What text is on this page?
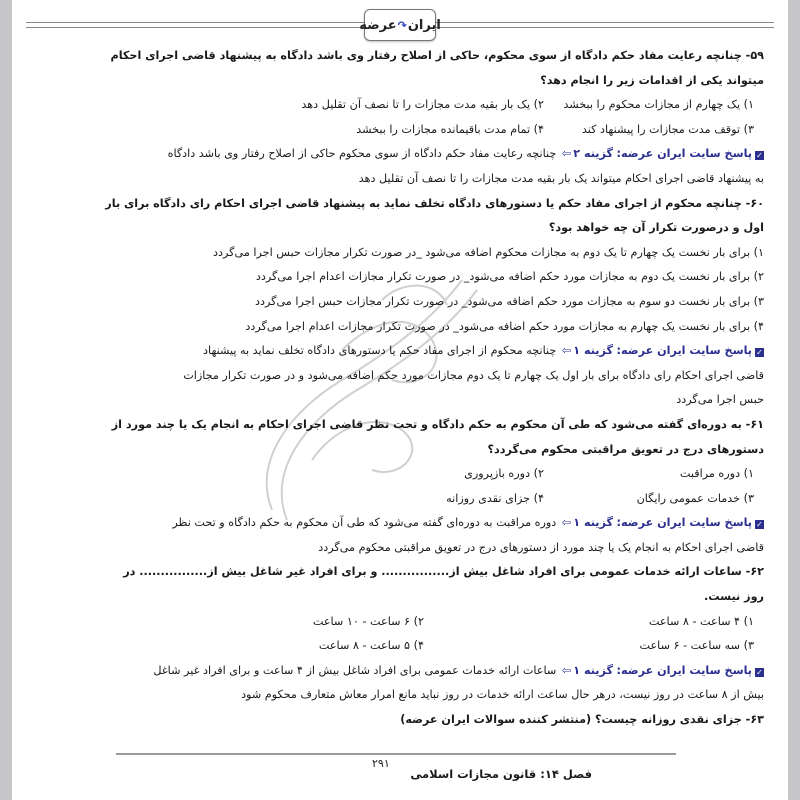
ایران
↷
عرضه
۵۹- چنانچه رعایت مفاد حکم دادگاه از سوی محکوم، حاکی از اصلاح رفتار وی باشد دادگاه به پیشنهاد قاضی اجرای احکام
میتواند یکی از اقدامات زیر را انجام دهد؟
۱) یک چهارم از مجازات محکوم را ببخشد
۲) یک بار بقیه مدت مجازات را تا نصف آن تقلیل دهد
۳) توقف مدت مجازات را پیشنهاد کند
۴) تمام مدت باقیمانده مجازات را ببخشد
✓پاسخ سایت ایران عرضه: گزینه ۲⇦ چنانچه رعایت مفاد حکم دادگاه از سوی محکوم حاکی از اصلاح رفتار وی باشد دادگاه
به پیشنهاد قاضی اجرای احکام میتواند یک بار بقیه مدت مجازات را تا نصف آن تقلیل دهد
۶۰- چنانچه محکوم از اجرای مفاد حکم یا دستورهای دادگاه تخلف نماید به پیشنهاد قاضی اجرای احکام رای دادگاه برای بار
اول و درصورت تکرار آن چه خواهد بود؟
۱) برای بار نخست یک چهارم تا یک دوم به مجازات محکوم اضافه می‌شود _در صورت تکرار مجازات حبس اجرا می‌گردد
۲) برای بار نخست یک دوم به مجازات مورد حکم اضافه می‌شود_ در صورت تکرار مجازات اعدام اجرا می‌گردد
۳) برای بار نخست دو سوم به مجازات مورد حکم اضافه می‌شود_ در صورت تکرار مجازات حبس اجرا می‌گردد
۴) برای بار نخست یک چهارم به مجازات مورد حکم اضافه می‌شود_ در صورت تکرار مجازات اعدام اجرا می‌گردد
✓پاسخ سایت ایران عرضه: گزینه ۱⇦ چنانچه محکوم از اجرای مفاد حکم یا دستورهای دادگاه تخلف نماید به پیشنهاد
قاضی اجرای احکام رای دادگاه برای بار اول یک چهارم تا یک دوم مجازات مورد حکم اضافه می‌شود و در صورت تکرار مجازات
حبس اجرا می‌گردد
۶۱- به دوره‌ای گفته می‌شود که طی آن محکوم به حکم دادگاه و تحت نظر قاضی اجرای احکام به انجام یک یا چند مورد از
دستورهای درج در تعویق مراقبتی محکوم می‌گردد؟
۱) دوره مراقبت
۲) دوره بازپروری
۳) خدمات عمومی رایگان
۴) جزای نقدی روزانه
✓پاسخ سایت ایران عرضه: گزینه ۱⇦ دوره مراقبت به دوره‌ای گفته می‌شود که طی آن محکوم به حکم دادگاه و تحت نظر
قاضی اجرای احکام به انجام یک یا چند مورد از دستورهای درج در تعویق مراقبتی محکوم می‌گردد
۶۲- ساعات ارائه خدمات عمومی برای افراد شاغل بیش از................ و برای افراد غیر شاغل بیش از................ در
روز نیست.
۱) ۴ ساعت - ۸ ساعت
۲) ۶ ساعت - ۱۰ ساعت
۳) سه ساعت - ۶ ساعت
۴) ۵ ساعت - ۸ ساعت
✓پاسخ سایت ایران عرضه: گزینه ۱⇦ ساعات ارائه خدمات عمومی برای افراد شاغل بیش از ۴ ساعت و برای افراد غیر شاغل
بیش از ۸ ساعت در روز نیست، درهر حال ساعت ارائه خدمات در روز نباید مانع امرار معاش متعارف محکوم شود
۶۳- جزای نقدی روزانه چیست؟ (منتشر کننده سوالات ایران عرضه)
۲۹۱
فصل ۱۴: قانون مجازات اسلامی
